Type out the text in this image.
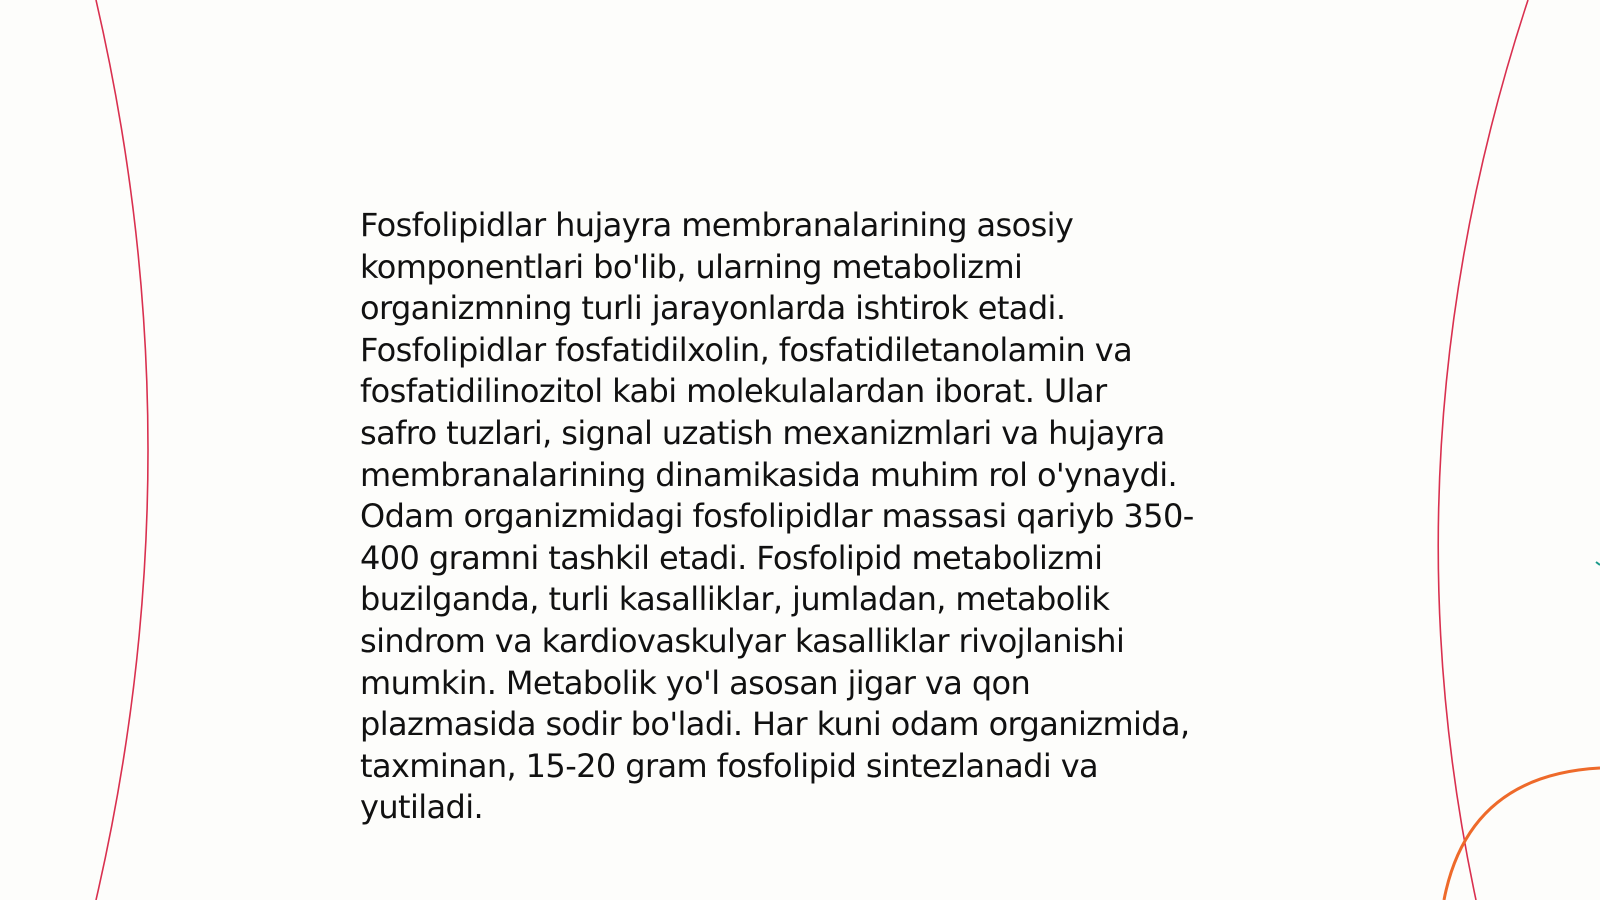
Fosfolipidlar hujayra membranalarining asosiy
komponentlari bo'lib, ularning metabolizmi
organizmning turli jarayonlarda ishtirok etadi.
Fosfolipidlar fosfatidilxolin, fosfatidiletanolamin va
fosfatidilinozitol kabi molekulalardan iborat. Ular
safro tuzlari, signal uzatish mexanizmlari va hujayra
membranalarining dinamikasida muhim rol o'ynaydi.
Odam organizmidagi fosfolipidlar massasi qariyb 350-
400 gramni tashkil etadi. Fosfolipid metabolizmi
buzilganda, turli kasalliklar, jumladan, metabolik
sindrom va kardiovaskulyar kasalliklar rivojlanishi
mumkin. Metabolik yo'l asosan jigar va qon
plazmasida sodir bo'ladi. Har kuni odam organizmida,
taxminan, 15-20 gram fosfolipid sintezlanadi va
yutiladi.
